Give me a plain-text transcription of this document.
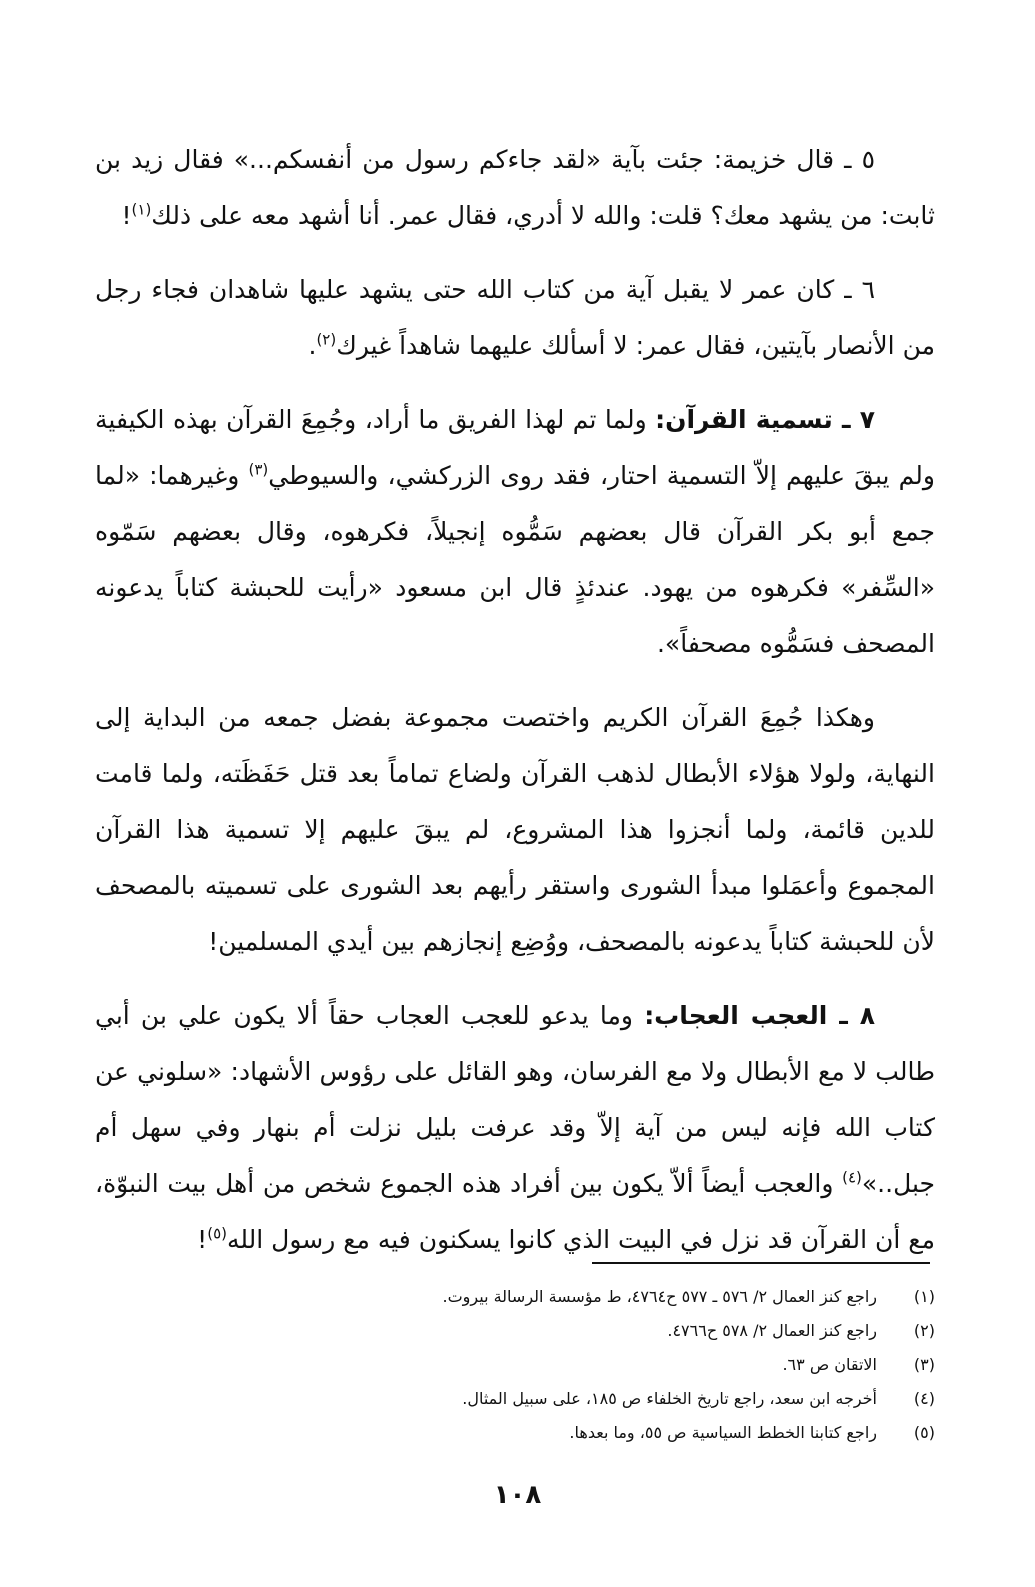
٥ ـ قال خزيمة: جئت بآية «لقد جاءكم رسول من أنفسكم...» فقال زيد بن ثابت: من يشهد معك؟ قلت: والله لا أدري، فقال عمر. أنا أشهد معه على ذلك$^{(١)}$!

٦ ـ كان عمر لا يقبل آية من كتاب الله حتى يشهد عليها شاهدان فجاء رجل من الأنصار بآيتين، فقال عمر: لا أسألك عليهما شاهداً غيرك$^{(٢)}$.

٧ ـ تسمية القرآن: ولما تم لهذا الفريق ما أراد، وجُمِعَ القرآن بهذه الكيفية ولم يبقَ عليهم إلاّ التسمية احتار، فقد روى الزركشي، والسيوطي$^{(٣)}$ وغيرهما: «لما جمع أبو بكر القرآن قال بعضهم سَمُّوه إنجيلاً، فكرهوه، وقال بعضهم سَمّوه «السِّفر» فكرهوه من يهود. عندئذٍ قال ابن مسعود «رأيت للحبشة كتاباً يدعونه المصحف فسَمُّوه مصحفاً».

وهكذا جُمِعَ القرآن الكريم واختصت مجموعة بفضل جمعه من البداية إلى النهاية، ولولا هؤلاء الأبطال لذهب القرآن ولضاع تماماً بعد قتل حَفَظَته، ولما قامت للدين قائمة، ولما أنجزوا هذا المشروع، لم يبقَ عليهم إلا تسمية هذا القرآن المجموع وأعمَلوا مبدأ الشورى واستقر رأيهم بعد الشورى على تسميته بالمصحف لأن للحبشة كتاباً يدعونه بالمصحف، ووُضِع إنجازهم بين أيدي المسلمين!

٨ ـ العجب العجاب: وما يدعو للعجب العجاب حقاً ألا يكون علي بن أبي طالب لا مع الأبطال ولا مع الفرسان، وهو القائل على رؤوس الأشهاد: «سلوني عن كتاب الله فإنه ليس من آية إلاّ وقد عرفت بليل نزلت أم بنهار وفي سهل أم جبل..»$^{(٤)}$ والعجب أيضاً ألاّ يكون بين أفراد هذه الجموع شخص من أهل بيت النبوّة، مع أن القرآن قد نزل في البيت الذي كانوا يسكنون فيه مع رسول الله$^{(٥)}$!

(١)
راجع كنز العمال ٢/ ٥٧٦ ـ ٥٧٧ ح٤٧٦٤، ط مؤسسة الرسالة بيروت.
(٢)
راجع كنز العمال ٢/ ٥٧٨ ح٤٧٦٦.
(٣)
الاتقان ص ٦٣.
(٤)
أخرجه ابن سعد، راجع تاريخ الخلفاء ص ١٨٥، على سبيل المثال.
(٥)
راجع كتابنا الخطط السياسية ص ٥٥، وما بعدها.
١٠٨
